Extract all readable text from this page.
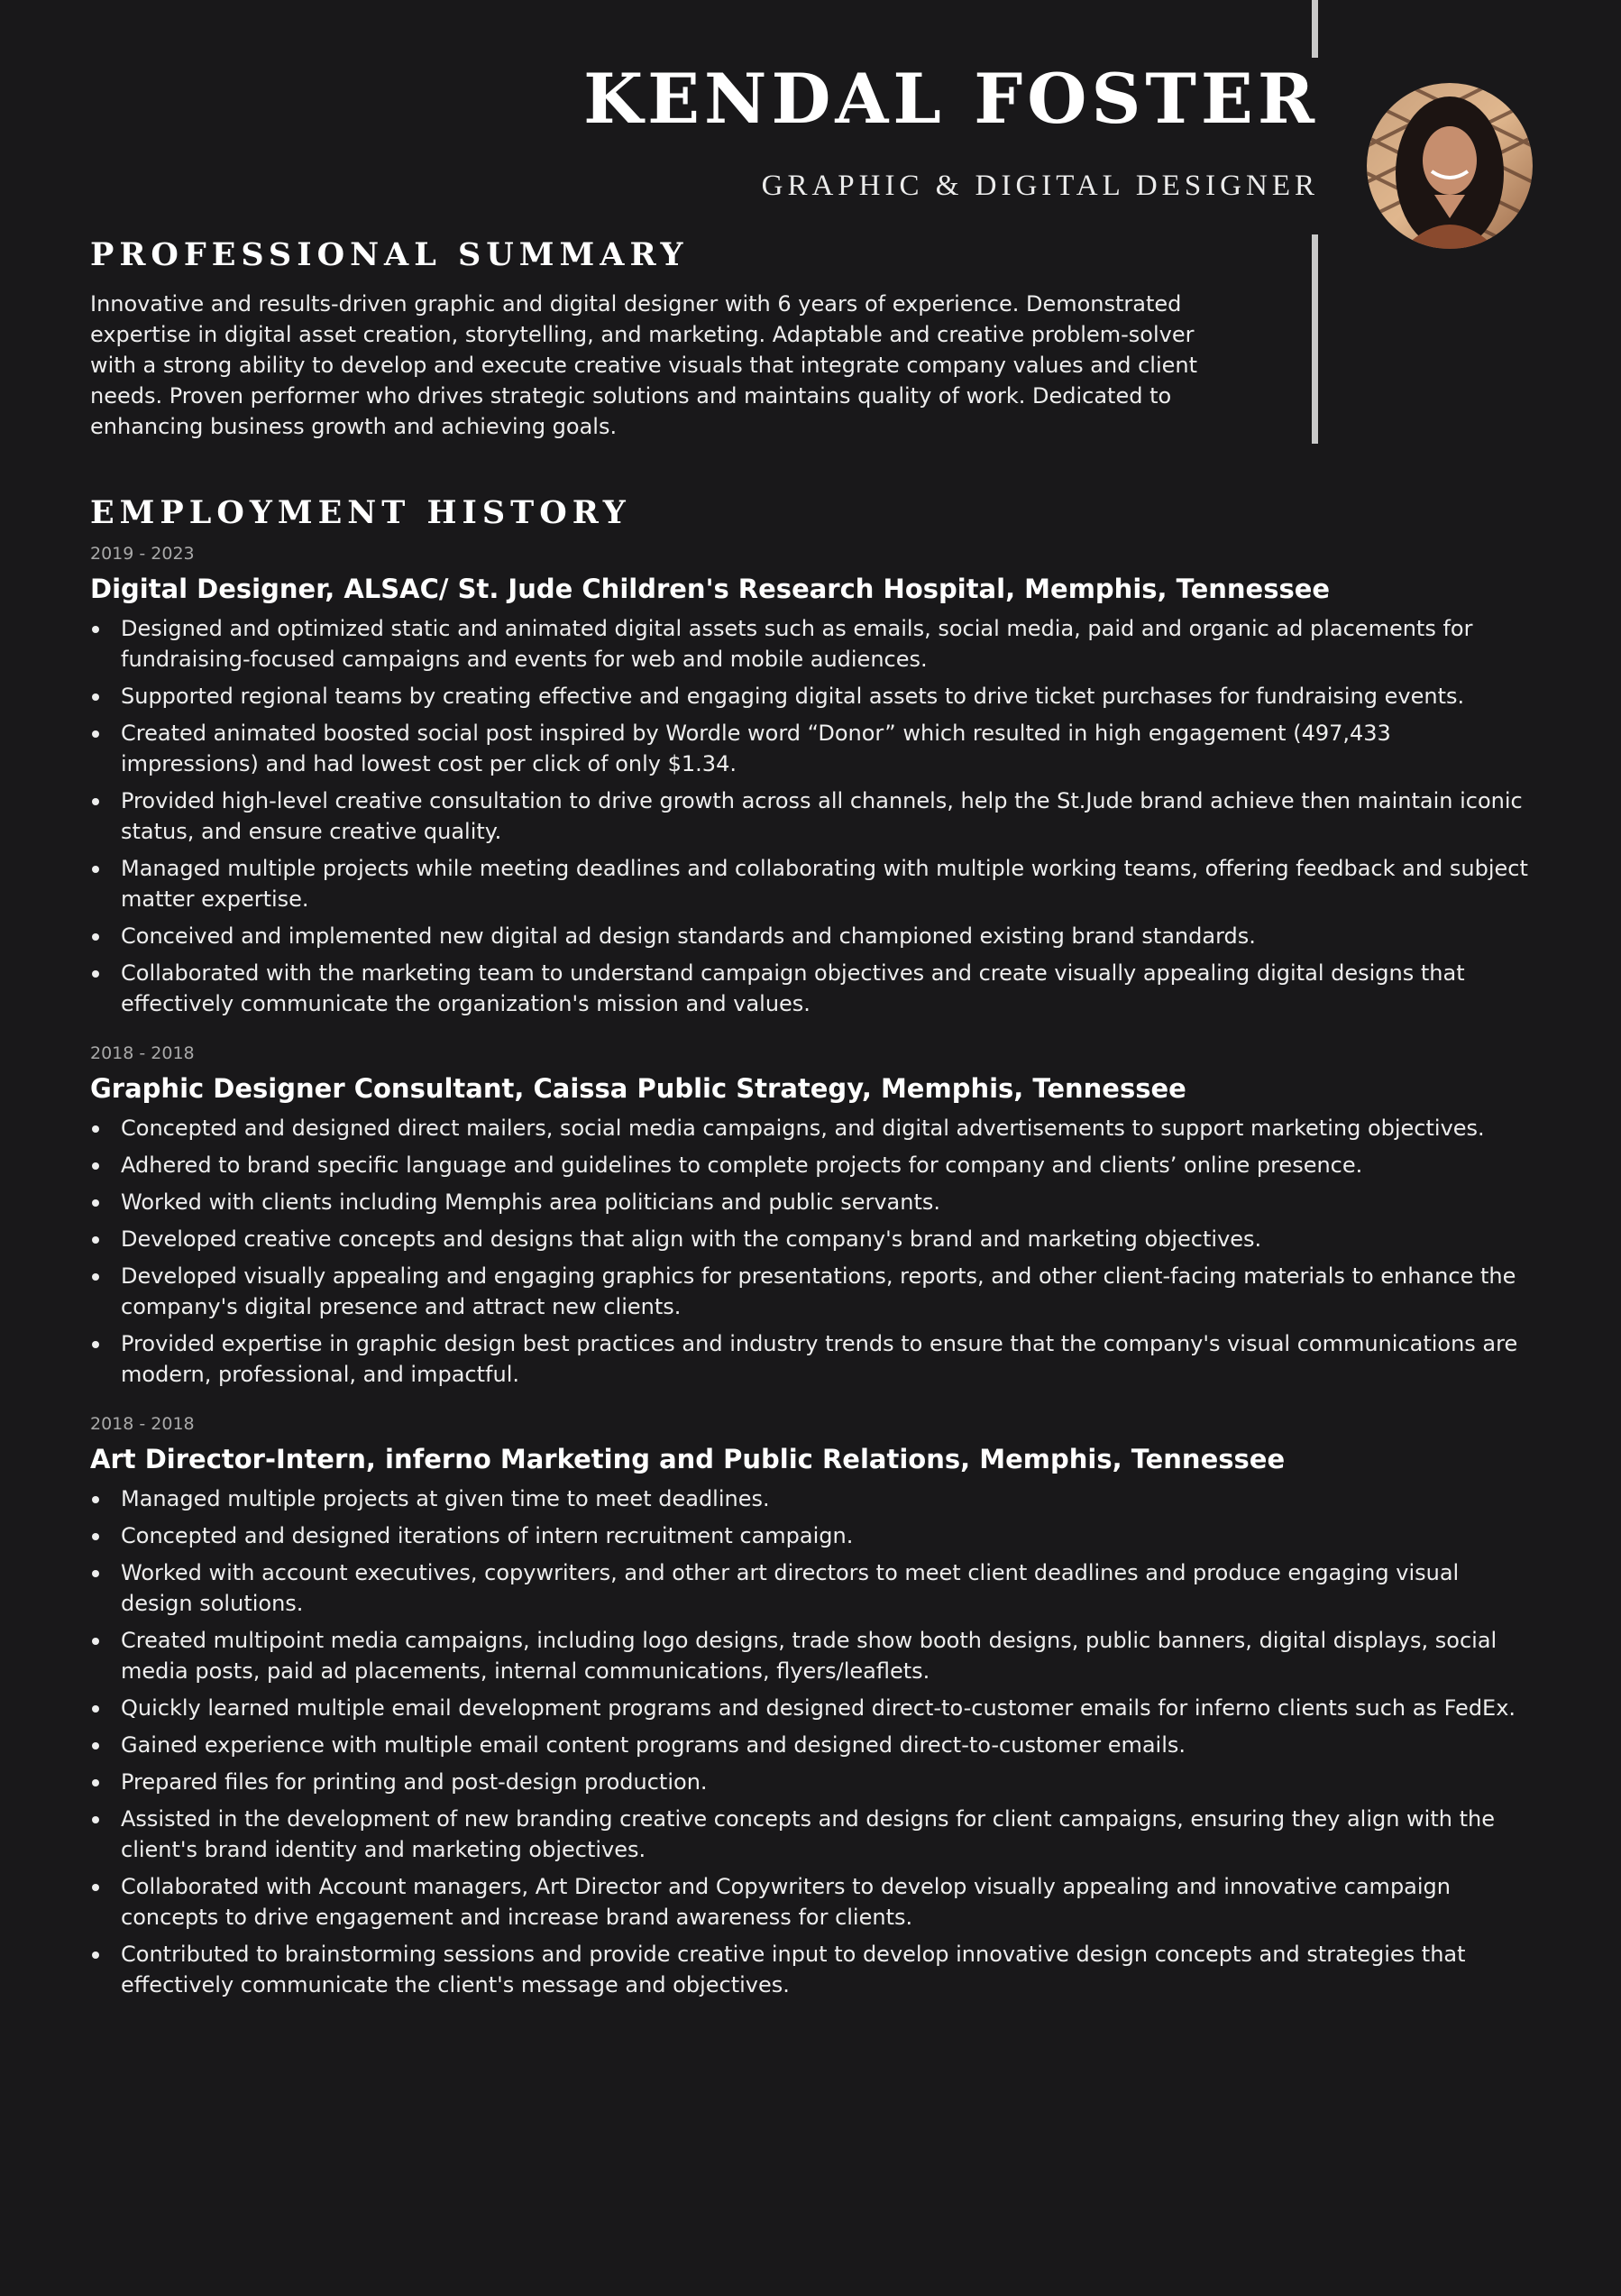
KENDAL FOSTER
GRAPHIC & DIGITAL DESIGNER
PROFESSIONAL SUMMARY

Innovative and results-driven graphic and digital designer with 6 years of experience. Demonstrated expertise in digital asset creation, storytelling, and marketing. Adaptable and creative problem-solver with a strong ability to develop and execute creative visuals that integrate company values and client needs. Proven performer who drives strategic solutions and maintains quality of work. Dedicated to enhancing business growth and achieving goals.

EMPLOYMENT HISTORY
2019 - 2023
Digital Designer, ALSAC/ St. Jude Children's Research Hospital, Memphis, Tennessee
Designed and optimized static and animated digital assets such as emails, social media, paid and organic ad placements for fundraising-focused campaigns and events for web and mobile audiences.
Supported regional teams by creating effective and engaging digital assets to drive ticket purchases for fundraising events.
Created animated boosted social post inspired by Wordle word “Donor” which resulted in high engagement (497,433 impressions) and had lowest cost per click of only $1.34.
Provided high-level creative consultation to drive growth across all channels, help the St.Jude brand achieve then maintain iconic status, and ensure creative quality.
Managed multiple projects while meeting deadlines and collaborating with multiple working teams, offering feedback and subject matter expertise.
Conceived and implemented new digital ad design standards and championed existing brand standards.
Collaborated with the marketing team to understand campaign objectives and create visually appealing digital designs that effectively communicate the organization's mission and values.
2018 - 2018
Graphic Designer Consultant, Caissa Public Strategy, Memphis, Tennessee
Concepted and designed direct mailers, social media campaigns, and digital advertisements to support marketing objectives.
Adhered to brand specific language and guidelines to complete projects for company and clients’ online presence.
Worked with clients including Memphis area politicians and public servants.
Developed creative concepts and designs that align with the company's brand and marketing objectives.
Developed visually appealing and engaging graphics for presentations, reports, and other client-facing materials to enhance the company's digital presence and attract new clients.
Provided expertise in graphic design best practices and industry trends to ensure that the company's visual communications are modern, professional, and impactful.
2018 - 2018
Art Director-Intern, inferno Marketing and Public Relations, Memphis, Tennessee
Managed multiple projects at given time to meet deadlines.
Concepted and designed iterations of intern recruitment campaign.
Worked with account executives, copywriters, and other art directors to meet client deadlines and produce engaging visual design solutions.
Created multipoint media campaigns, including logo designs, trade show booth designs, public banners, digital displays, social media posts, paid ad placements, internal communications, flyers/leaflets.
Quickly learned multiple email development programs and designed direct-to-customer emails for inferno clients such as FedEx.
Gained experience with multiple email content programs and designed direct-to-customer emails.
Prepared files for printing and post-design production.
Assisted in the development of new branding creative concepts and designs for client campaigns, ensuring they align with the client's brand identity and marketing objectives.
Collaborated with Account managers, Art Director and Copywriters to develop visually appealing and innovative campaign concepts to drive engagement and increase brand awareness for clients.
Contributed to brainstorming sessions and provide creative input to develop innovative design concepts and strategies that effectively communicate the client's message and objectives.
